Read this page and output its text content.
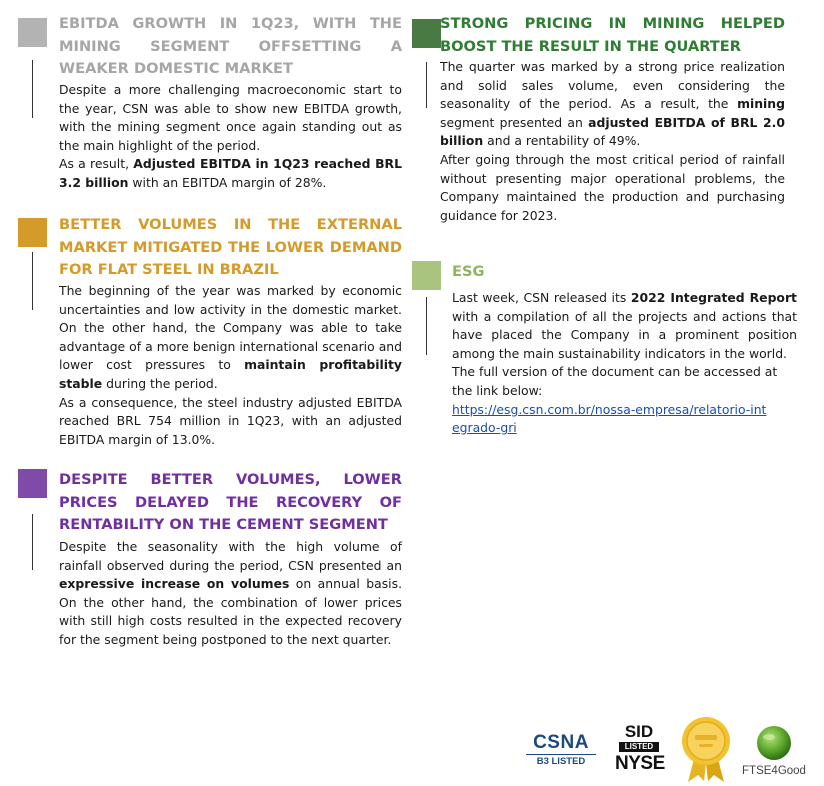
EBITDA GROWTH IN 1Q23, WITH THE MINING SEGMENT OFFSETTING A WEAKER DOMESTIC MARKET

Despite a more challenging macroeconomic start to the year, CSN was able to show new EBITDA growth, with the mining segment once again standing out as the main highlight of the period.

As a result, Adjusted EBITDA in 1Q23 reached BRL 3.2 billion with an EBITDA margin of 28%.

BETTER VOLUMES IN THE EXTERNAL MARKET MITIGATED THE LOWER DEMAND FOR FLAT STEEL IN BRAZIL

The beginning of the year was marked by economic uncertainties and low activity in the domestic market. On the other hand, the Company was able to take advantage of a more benign international scenario and lower cost pressures to maintain profitability stable during the period.

As a consequence, the steel industry adjusted EBITDA reached BRL 754 million in 1Q23, with an adjusted EBITDA margin of 13.0%.

DESPITE BETTER VOLUMES, LOWER PRICES DELAYED THE RECOVERY OF RENTABILITY ON THE CEMENT SEGMENT

Despite the seasonality with the high volume of rainfall observed during the period, CSN presented an expressive increase on volumes on annual basis. On the other hand, the combination of lower prices with still high costs resulted in the expected recovery for the segment being postponed to the next quarter.

STRONG PRICING IN MINING HELPED BOOST THE RESULT IN THE QUARTER

The quarter was marked by a strong price realization and solid sales volume, even considering the seasonality of the period. As a result, the mining segment presented an adjusted EBITDA of BRL 2.0 billion and a rentability of 49%.

After going through the most critical period of rainfall without presenting major operational problems, the Company maintained the production and purchasing guidance for 2023.

ESG

Last week, CSN released its 2022 Integrated Report with a compilation of all the projects and actions that have placed the Company in a prominent position among the main sustainability indicators in the world.

The full version of the document can be accessed at the link below:

https://esg.csn.com.br/nossa-empresa/relatorio-integrado-gri

CSNA
B3 LISTED
SID
LISTED
NYSE	FTSE4Good
